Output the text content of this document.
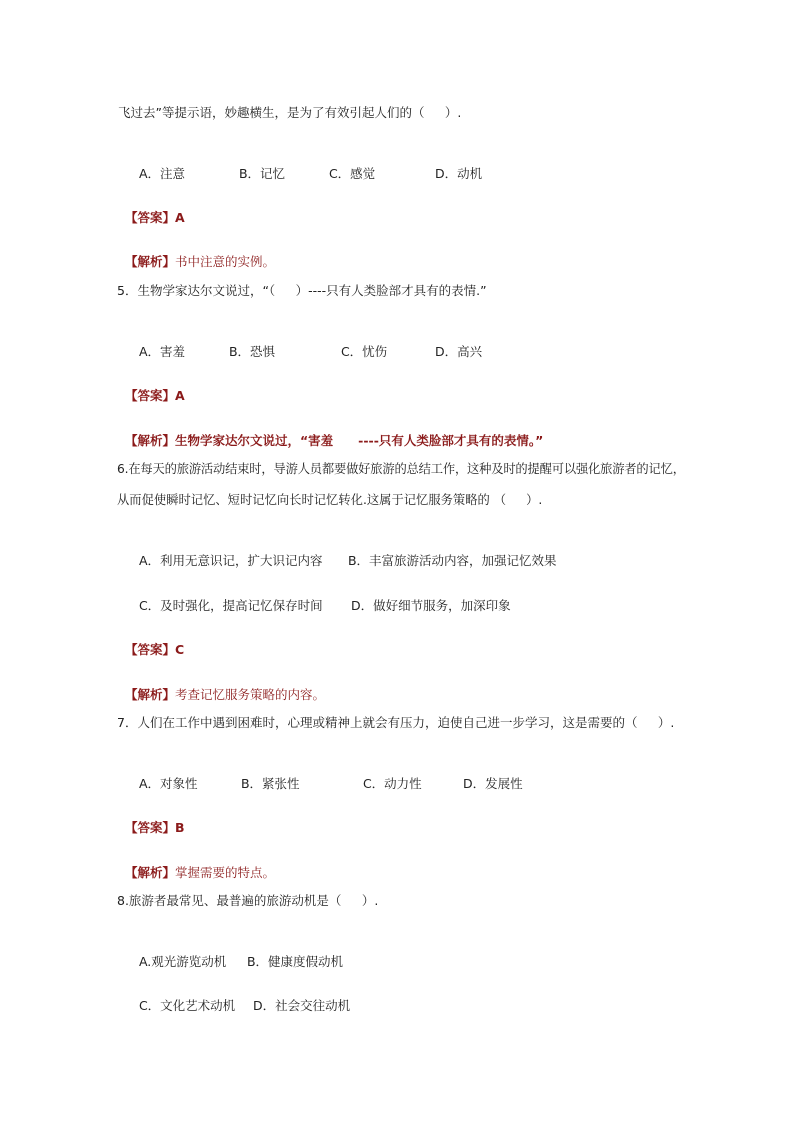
飞过去”等提示语，妙趣横生，是为了有效引起人们的（　  ）.

A．注意	B．记忆	C．感觉	D．动机

【答案】A

【解析】书中注意的实例。

5．生物学家达尔文说过，“（　  ）----只有人类脸部才具有的表情.”

A．害羞	B．恐惧	C．忧伤	D．高兴

【答案】A

【解析】生物学家达尔文说过，“害羞　　----只有人类脸部才具有的表情。”

6.在每天的旅游活动结束时，导游人员都要做好旅游的总结工作，这种及时的提醒可以强化旅游者的记忆，
从而促使瞬时记忆、短时记忆向长时记忆转化.这属于记忆服务策略的 （　  ）.

A．利用无意识记，扩大识记内容 B．丰富旅游活动内容，加强记忆效果

C．及时强化，提高记忆保存时间 D．做好细节服务，加深印象

【答案】C

【解析】考查记忆服务策略的内容。

7．人们在工作中遇到困难时，心理或精神上就会有压力，迫使自己进一步学习，这是需要的（　  ）.

A．对象性	B．紧张性	C．动力性	D．发展性

【答案】B

【解析】掌握需要的特点。

8.旅游者最常见、最普遍的旅游动机是（　  ）.

A.观光游览动机 B．健康度假动机

C．文化艺术动机 D．社会交往动机
